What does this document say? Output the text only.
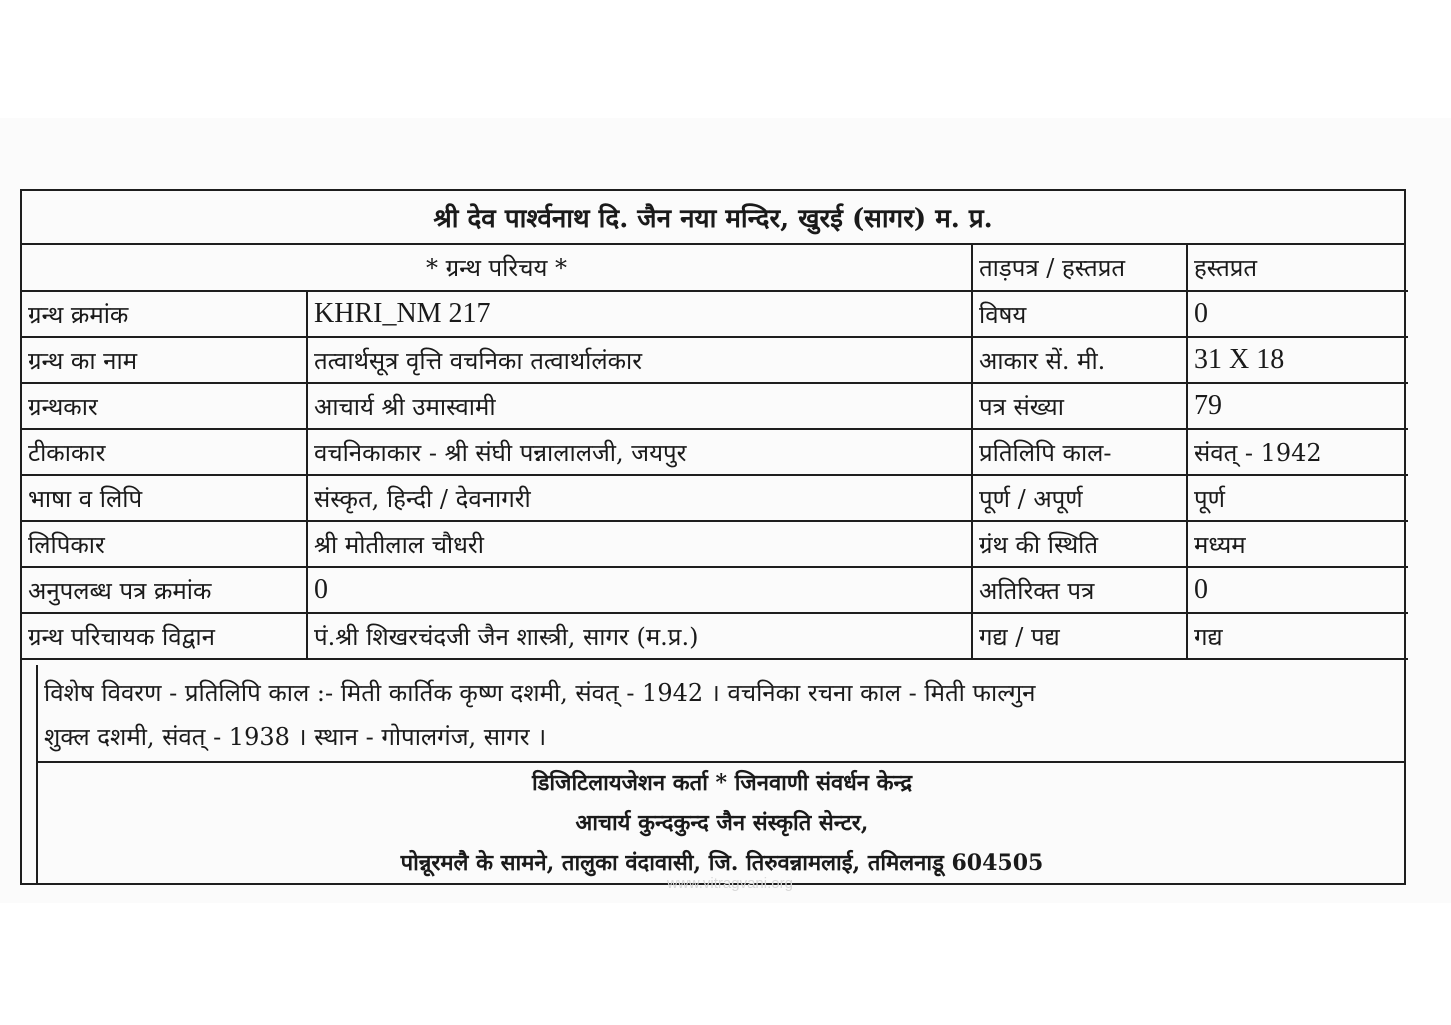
श्री देव पार्श्वनाथ दि. जैन नया मन्दिर, खुरई (सागर) म. प्र.
* ग्रन्थ परिचय *		ताड़पत्र / हस्तप्रत	हस्तप्रत
ग्रन्थ क्रमांक	KHRI_NM 217	विषय	0
ग्रन्थ का नाम	तत्वार्थसूत्र वृत्ति वचनिका तत्वार्थालंकार	आकार सें. मी.	31 X 18
ग्रन्थकार	आचार्य श्री उमास्वामी	पत्र संख्या	79
टीकाकार	वचनिकाकार - श्री संघी पन्नालालजी, जयपुर	प्रतिलिपि काल-	संवत् - 1942
भाषा व लिपि	संस्कृत, हिन्दी / देवनागरी	पूर्ण / अपूर्ण	पूर्ण
लिपिकार	श्री मोतीलाल चौधरी	ग्रंथ की स्थिति	मध्यम
अनुपलब्ध पत्र क्रमांक	0	अतिरिक्त पत्र	0
ग्रन्थ परिचायक विद्वान	पं.श्री शिखरचंदजी जैन शास्त्री, सागर (म.प्र.)	गद्य / पद्य	गद्य
विशेष विवरण - प्रतिलिपि काल :- मिती कार्तिक कृष्ण दशमी, संवत् - 1942 । वचनिका रचना काल - मिती फाल्गुन
शुक्ल दशमी, संवत् - 1938 । स्थान - गोपालगंज, सागर ।
डिजिटिलायजेशन कर्ता * जिनवाणी संवर्धन केन्द्र
आचार्य कुन्दकुन्द जैन संस्कृति सेन्टर,
पोन्नूरमलै के सामने, तालुका वंदावासी, जि. तिरुवन्नामलाई, तमिलनाडू 604505
www.vitragvani.org
